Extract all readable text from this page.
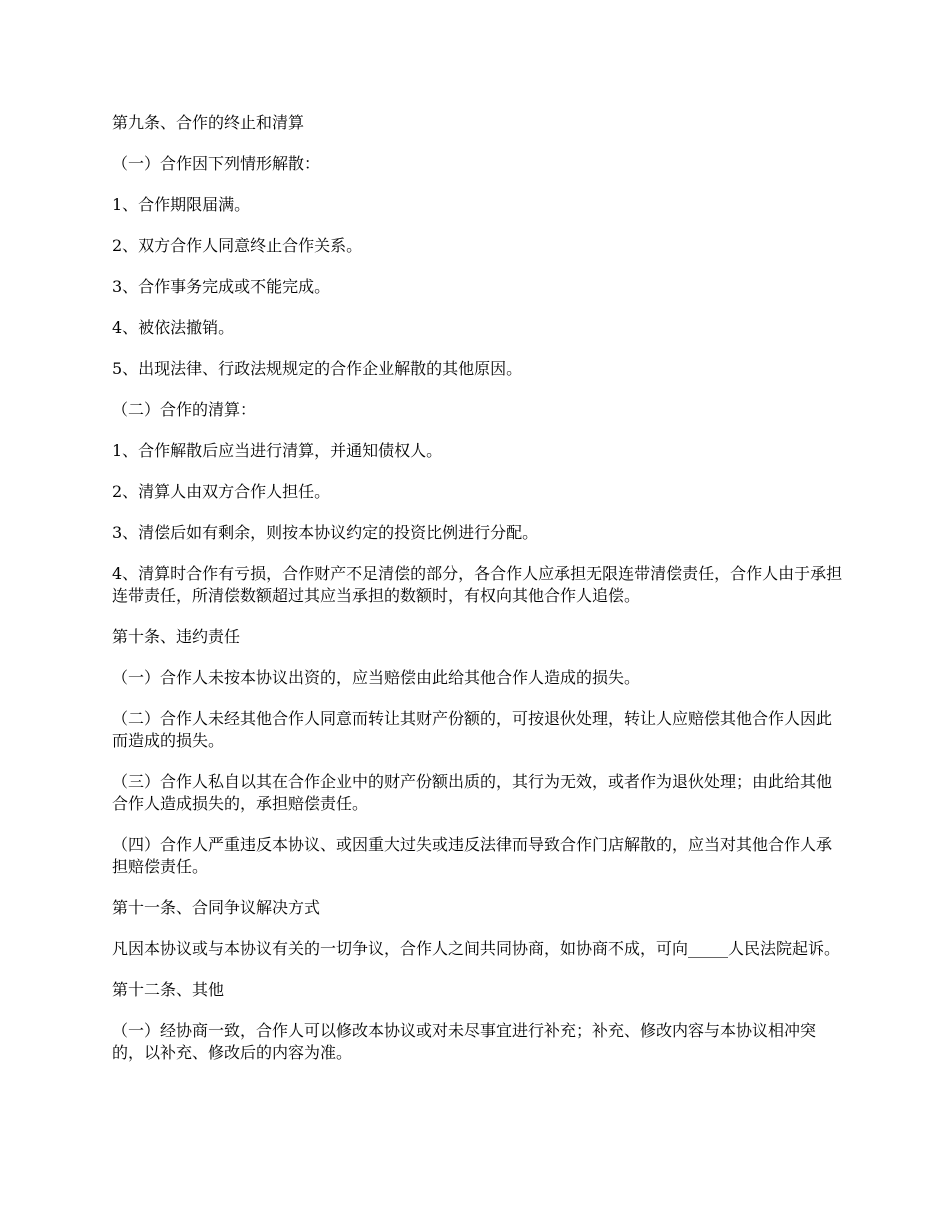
第九条、合作的终止和清算

（一）合作因下列情形解散：

1、合作期限届满。

2、双方合作人同意终止合作关系。

3、合作事务完成或不能完成。

4、被依法撤销。

5、出现法律、行政法规规定的合作企业解散的其他原因。

（二）合作的清算：

1、合作解散后应当进行清算，并通知债权人。

2、清算人由双方合作人担任。

3、清偿后如有剩余，则按本协议约定的投资比例进行分配。

4、清算时合作有亏损，合作财产不足清偿的部分，各合作人应承担无限连带清偿责任，合作人由于承担连带责任，所清偿数额超过其应当承担的数额时，有权向其他合作人追偿。

第十条、违约责任

（一）合作人未按本协议出资的，应当赔偿由此给其他合作人造成的损失。

（二）合作人未经其他合作人同意而转让其财产份额的，可按退伙处理，转让人应赔偿其他合作人因此而造成的损失。

（三）合作人私自以其在合作企业中的财产份额出质的，其行为无效，或者作为退伙处理；由此给其他合作人造成损失的，承担赔偿责任。

（四）合作人严重违反本协议、或因重大过失或违反法律而导致合作门店解散的，应当对其他合作人承担赔偿责任。

第十一条、合同争议解决方式

凡因本协议或与本协议有关的一切争议，合作人之间共同协商，如协商不成，可向_____人民法院起诉。

第十二条、其他

（一）经协商一致，合作人可以修改本协议或对未尽事宜进行补充；补充、修改内容与本协议相冲突的，以补充、修改后的内容为准。
